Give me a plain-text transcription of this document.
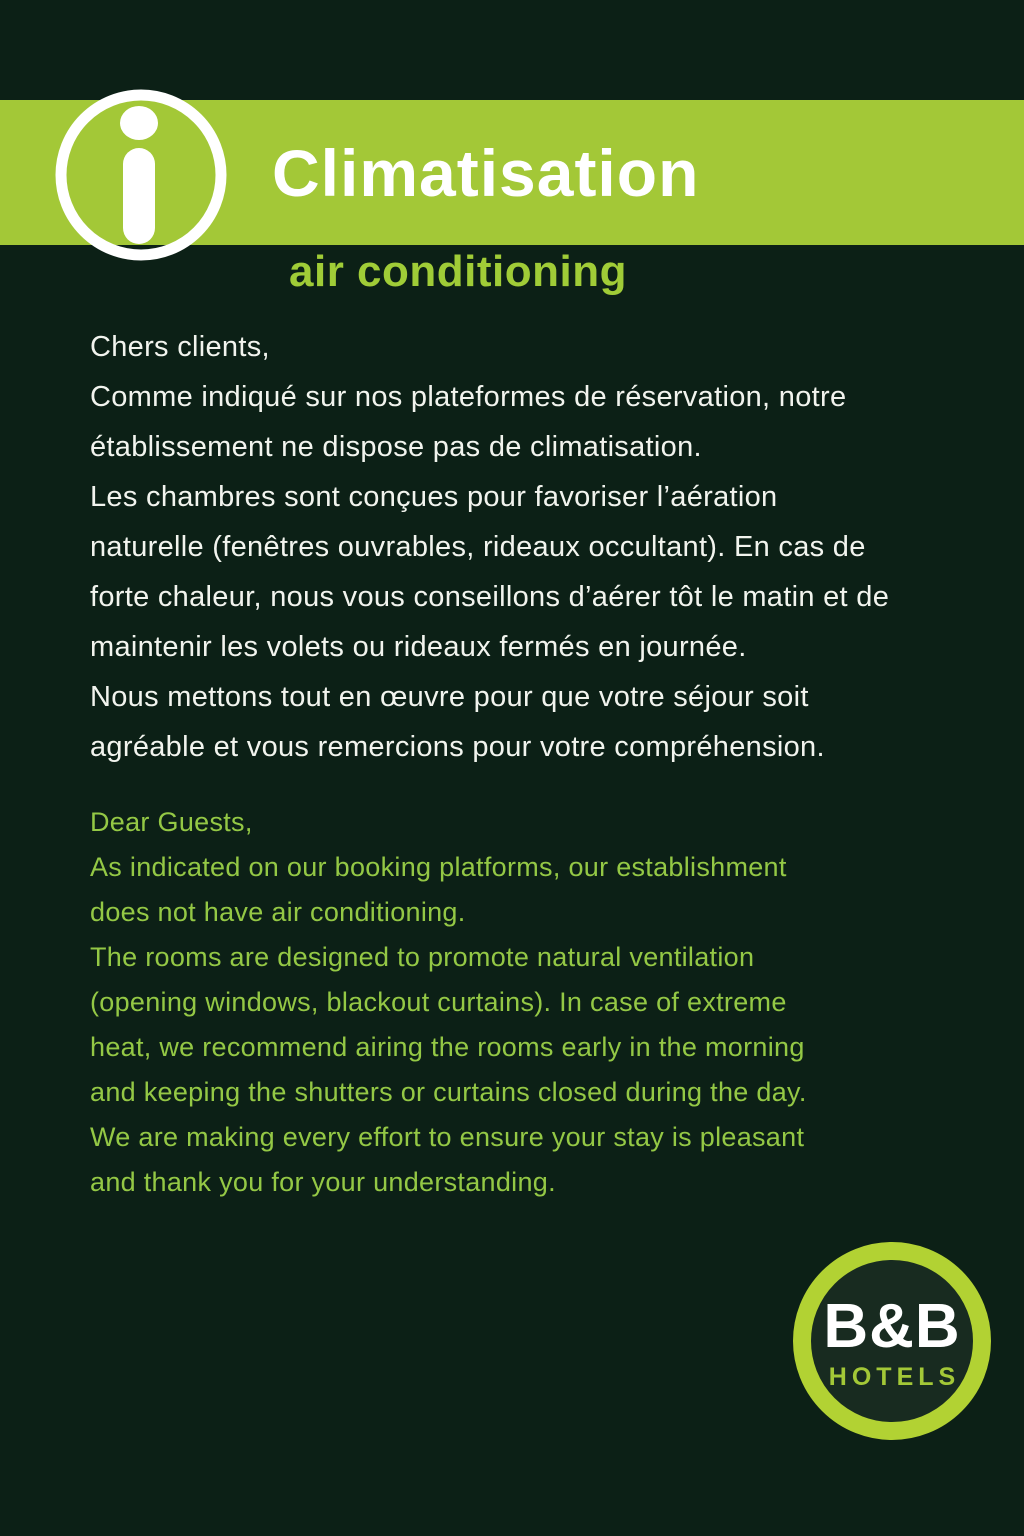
Climatisation
air conditioning
Chers clients,
Comme indiqué sur nos plateformes de réservation, notre
établissement ne dispose pas de climatisation.
Les chambres sont conçues pour favoriser l’aération
naturelle (fenêtres ouvrables, rideaux occultant). En cas de
forte chaleur, nous vous conseillons d’aérer tôt le matin et de
maintenir les volets ou rideaux fermés en journée.
Nous mettons tout en œuvre pour que votre séjour soit
agréable et vous remercions pour votre compréhension.
Dear Guests,
As indicated on our booking platforms, our establishment
does not have air conditioning.
The rooms are designed to promote natural ventilation
(opening windows, blackout curtains). In case of extreme
heat, we recommend airing the rooms early in the morning
and keeping the shutters or curtains closed during the day.
We are making every effort to ensure your stay is pleasant
and thank you for your understanding.
B&B
HOTELS
